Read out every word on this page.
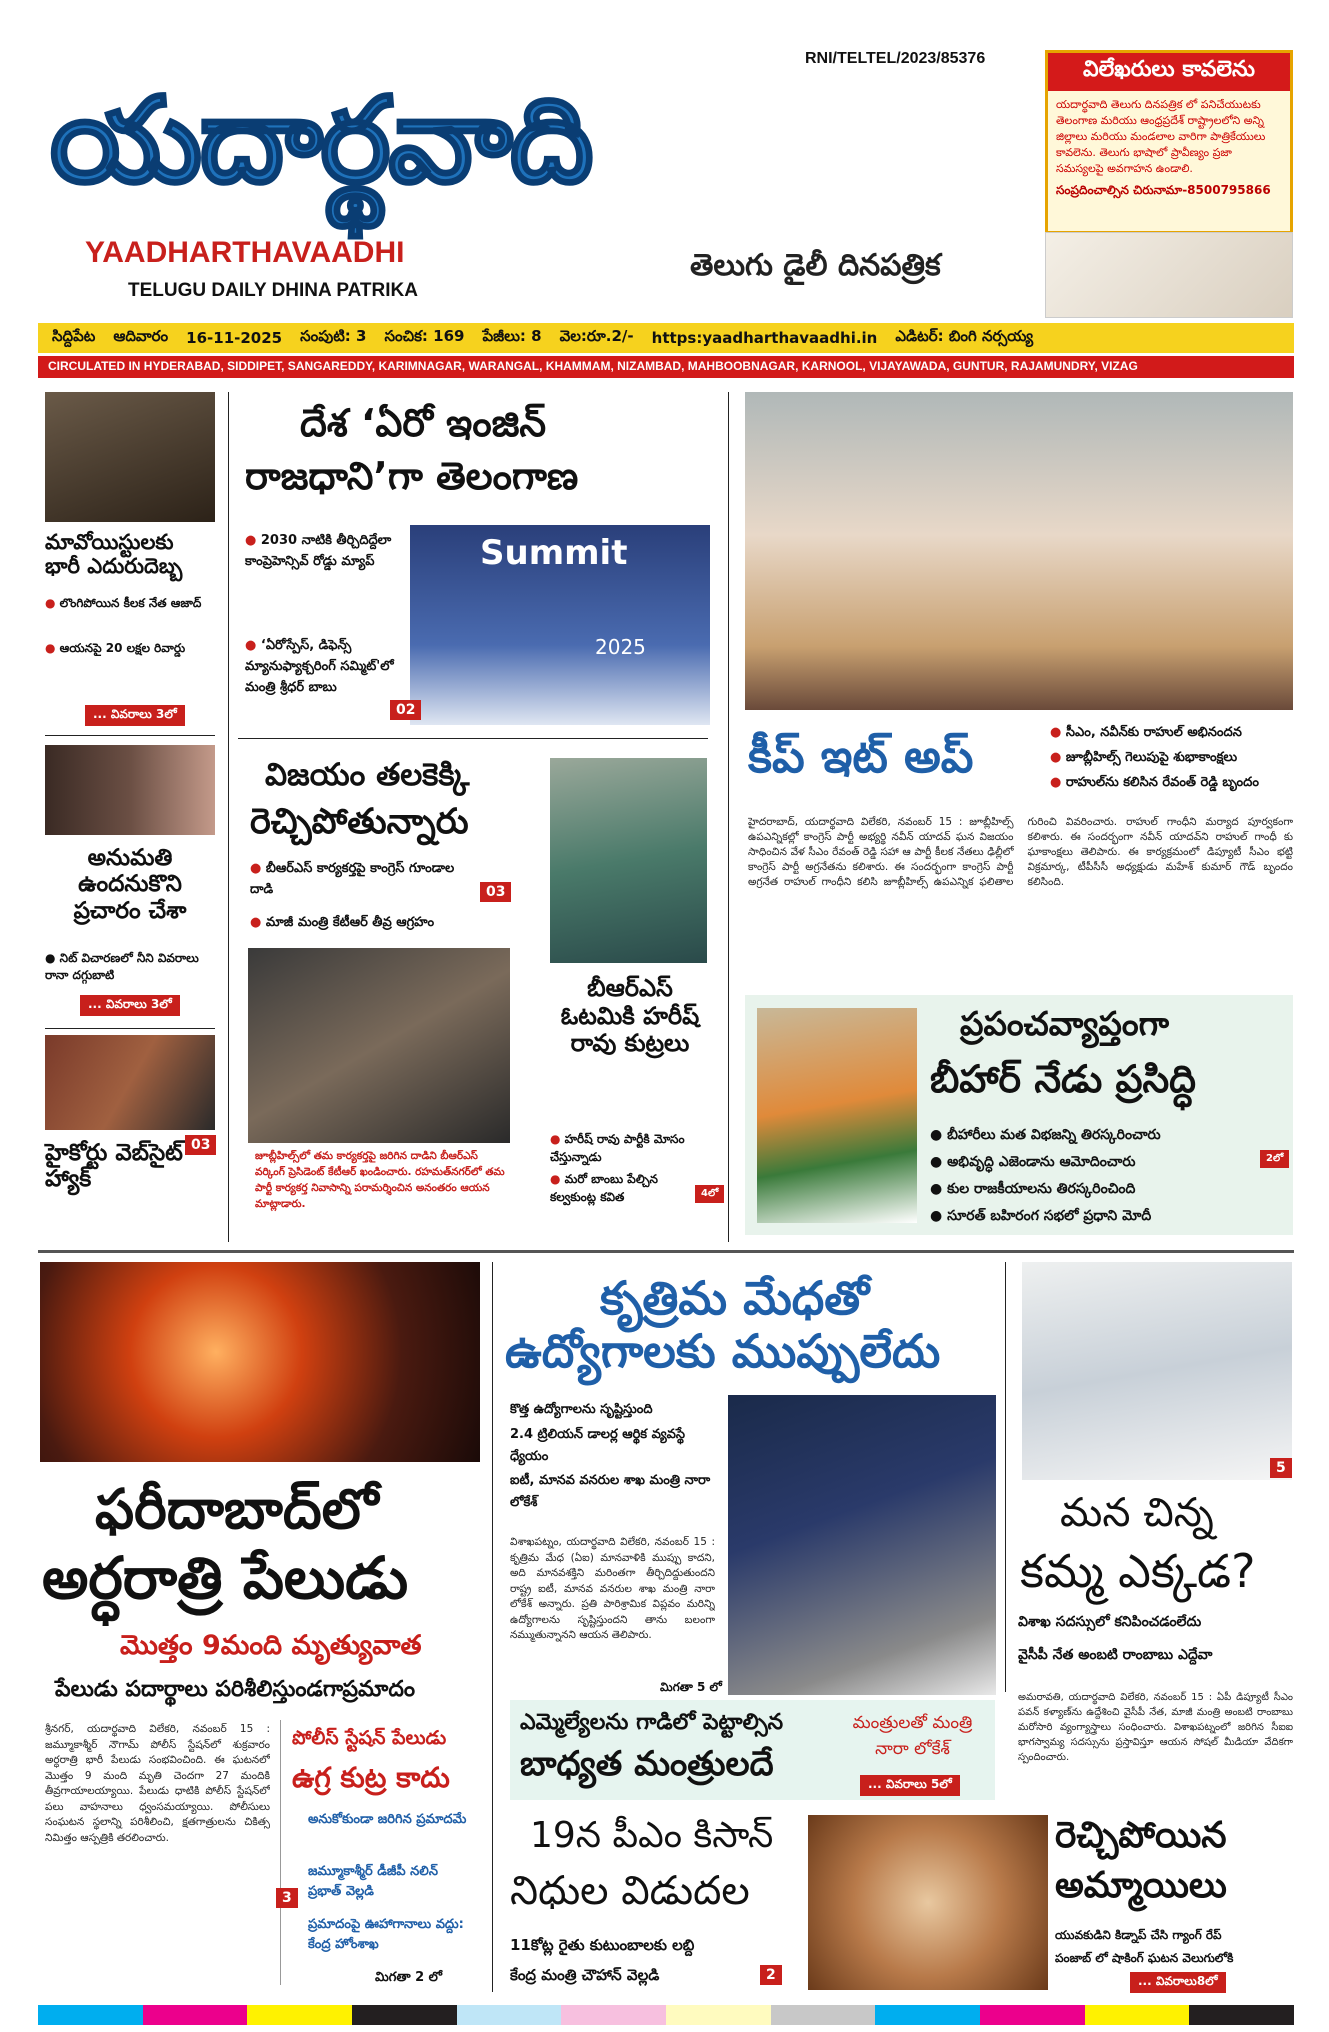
యదార్థవాది
RNI/TELTEL/2023/85376
YAADHARTHAVAADHI
TELUGU DAILY DHINA PATRIKA
తెలుగు డైలీ దినపత్రిక
విలేఖరులు కావలెను
యదార్థవాది తెలుగు దినపత్రిక లో పనిచేయుటకు తెలంగాణ మరియు ఆంధ్రప్రదేశ్ రాష్ట్రాలలోని అన్ని జిల్లాలు మరియు మండలాల వారిగా పాత్రికేయులు కావలెను. తెలుగు భాషాలో ప్రావీణ్యం ప్రజా సమస్యలపై అవగాహన ఉండాలి.
సంప్రదించాల్సిన చిరునామా-8500795866
సిద్దిపేట ఆదివారం 16-11-2025 సంపుటి: 3 సంచిక: 169 పేజీలు: 8 వెల:రూ.2/- https:yaadharthavaadhi.in ఎడిటర్: బింగి నర్సయ్య
CIRCULATED IN HYDERABAD, SIDDIPET, SANGAREDDY, KARIMNAGAR, WARANGAL, KHAMMAM, NIZAMBAD, MAHBOOBNAGAR, KARNOOL, VIJAYAWADA, GUNTUR, RAJAMUNDRY, VIZAG
మావోయిస్టులకు భారీ ఎదురుదెబ్బ
● లొంగిపోయిన కీలక నేత ఆజాద్
● ఆయనపై 20 లక్షల రివార్డు
... వివరాలు 3లో
అనుమతి ఉందనుకొని ప్రచారం చేశా
● నిట్ విచారణలో నీని వివరాలు రానా దగ్గుబాటి
... వివరాలు 3లో
03
హైకోర్టు వెబ్‌సైట్ హ్యాక్
దేశ ‘ఏరో ఇంజిన్
రాజధాని’గా తెలంగాణ
● 2030 నాటికి తీర్చిదిద్దేలా కాంప్రెహెన్సివ్ రోడ్డు మ్యాప్
● ‘ఏరోస్పేస్, డిఫెన్స్ మ్యానుఫ్యాక్చరింగ్ సమ్మిట్'లో మంత్రి శ్రీధర్ బాబు
Summit
2025
02
విజయం తలకెక్కి
రెచ్చిపోతున్నారు
● బీఆర్ఎస్ కార్యకర్తపై కాంగ్రెస్ గూండాల దాడి	03
● మాజీ మంత్రి కేటీఆర్ తీవ్ర ఆగ్రహం
జూబ్లీహిల్స్‌లో తమ కార్యకర్తపై జరిగిన దాడిని బీఆర్ఎస్ వర్కింగ్ ప్రెసిడెంట్ కేటీఆర్ ఖండించారు. రహమత్‌నగర్‌లో తమ పార్టీ కార్యకర్త నివాసాన్ని పరామర్శించిన అనంతరం ఆయన మాట్లాడారు.
బీఆర్ఎస్ ఓటమికి హరీష్ రావు కుట్రలు
● హరీష్ రావు పార్టీకి మోసం చేస్తున్నాడు
● మరో బాంబు పేల్చిన కల్వకుంట్ల కవిత	4లో
కీప్ ఇట్ అప్	● సీఎం, నవీన్‌కు రాహుల్ అభినందన
● జూబ్లీహిల్స్ గెలుపుపై శుభాకాంక్షలు
● రాహుల్‌ను కలిసిన రేవంత్ రెడ్డి బృందం
హైదరాబాద్, యదార్థవాది విలేకరి, నవంబర్ 15 : జూబ్లీహిల్స్ ఉపఎన్నికల్లో కాంగ్రెస్ పార్టీ అభ్యర్థి నవీన్ యాదవ్ ఘన విజయం సాధించిన వేళ సీఎం రేవంత్ రెడ్డి సహా ఆ పార్టీ కీలక నేతలు ఢిల్లీలో కాంగ్రెస్ పార్టీ అగ్రనేతను కలిశారు. ఈ సందర్భంగా కాంగ్రెస్ పార్టీ అగ్రనేత రాహుల్ గాంధీని కలిసి జూబ్లీహిల్స్ ఉపఎన్నిక ఫలితాల గురించి వివరించారు. రాహుల్ గాంధీని మర్యాద పూర్వకంగా కలిశారు. ఈ సందర్భంగా నవీన్ యాదవ్‌ని రాహుల్ గాంధీ కు ఘాకాంక్షలు తెలిపారు. ఈ కార్యక్రమంలో డిప్యూటీ సీఎం భట్టి విక్రమార్క, టీపీసీసీ అధ్యక్షుడు మహేశ్ కుమార్ గౌడ్ బృందం కలిసింది.
ప్రపంచవ్యాప్తంగా
బీహార్ నేడు ప్రసిద్ధి
● బీహారీలు మత విభజన్ని తిరస్కరించారు
● అభివృద్ధి ఎజెండాను ఆమోదించారు
● కుల రాజకీయాలను తిరస్కరించింది
● సూరత్ బహిరంగ సభలో ప్రధాని మోదీ
2లో
ఫరీదాబాద్‌లో
అర్ధరాత్రి పేలుడు
మొత్తం 9మంది మృత్యువాత
పేలుడు పదార్థాలు పరిశీలిస్తుండగాప్రమాదం
శ్రీనగర్, యదార్థవాది విలేకరి, నవంబర్ 15 : జమ్మూకాశ్మీర్ నౌగామ్ పోలీస్ స్టేషన్‌లో శుక్రవారం అర్ధరాత్రి భారీ పేలుడు సంభవించింది. ఈ ఘటనలో మొత్తం 9 మంది మృతి చెందగా 27 మందికి తీవ్రగాయాలయ్యాయి. పేలుడు ధాటికి పోలీస్ స్టేషన్‌లో పలు వాహనాలు ధ్వంసమయ్యాయి. పోలీసులు సంఘటన స్థలాన్ని పరిశీలించి, క్షతగాత్రులను చికిత్స నిమిత్తం ఆస్పత్రికి తరలించారు.
పోలీస్ స్టేషన్ పేలుడు
ఉగ్ర కుట్ర కాదు
అనుకోకుండా జరిగిన ప్రమాదమే
జమ్మూకాశ్మీర్ డీజీపీ నలిన్ ప్రభాత్ వెల్లడి
3
ప్రమాదంపై ఊహాగానాలు వద్దు: కేంద్ర హోంశాఖ
మిగతా 2 లో
కృత్రిమ మేధతో
ఉద్యోగాలకు ముప్పులేదు
కొత్త ఉద్యోగాలను సృష్టిస్తుంది
2.4 ట్రిలియన్ డాలర్ల ఆర్థిక వ్యవస్థే ధ్యేయం
ఐటీ, మానవ వనరుల శాఖ మంత్రి నారా లోకేశ్
విశాఖపట్నం, యదార్థవాది విలేకరి, నవంబర్ 15 : కృత్రిమ మేధ (ఏఐ) మానవాళికి ముప్పు కాదని, అది మానవశక్తిని మరింతగా తీర్చిదిద్దుతుందని రాష్ట్ర ఐటీ, మానవ వనరుల శాఖ మంత్రి నారా లోకేశ్ అన్నారు. ప్రతి పారిశ్రామిక విప్లవం మరిన్ని ఉద్యోగాలను సృష్టిస్తుందని తాను బలంగా నమ్ముతున్నానని ఆయన తెలిపారు.
మిగతా 5 లో
ఎమ్మెల్యేలను గాడిలో పెట్టాల్సిన
బాధ్యత మంత్రులదే
మంత్రులతో మంత్రి నారా లోకేశ్
... వివరాలు 5లో
19న పీఎం కిసాన్
నిధుల విడుదల
11కోట్ల రైతు కుటుంబాలకు లబ్ది
కేంద్ర మంత్రి చౌహాన్ వెల్లడి	2
5
మన చిన్న
కమ్మ ఎక్కడ?
విశాఖ సదస్సులో కనిపించడంలేదు
వైసీపీ నేత అంబటి రాంబాబు ఎద్దేవా
అమరావతి, యదార్థవాది విలేకరి, నవంబర్ 15 : ఏపీ డిప్యూటీ సీఎం పవన్ కళ్యాణ్‌ను ఉద్దేశించి వైసీపీ నేత, మాజీ మంత్రి అంబటి రాంబాబు మరోసారి వ్యంగ్యాస్త్రాలు సంధించారు. విశాఖపట్నంలో జరిగిన సీఐఐ భాగస్వామ్య సదస్సును ప్రస్తావిస్తూ ఆయన సోషల్ మీడియా వేదికగా స్పందించారు.
రెచ్చిపోయిన
అమ్మాయిలు
యువకుడిని కిడ్నాప్ చేసి గ్యాంగ్ రేప్
పంజాబ్ లో షాకింగ్ ఘటన వెలుగులోకి
... వివరాలు8లో
